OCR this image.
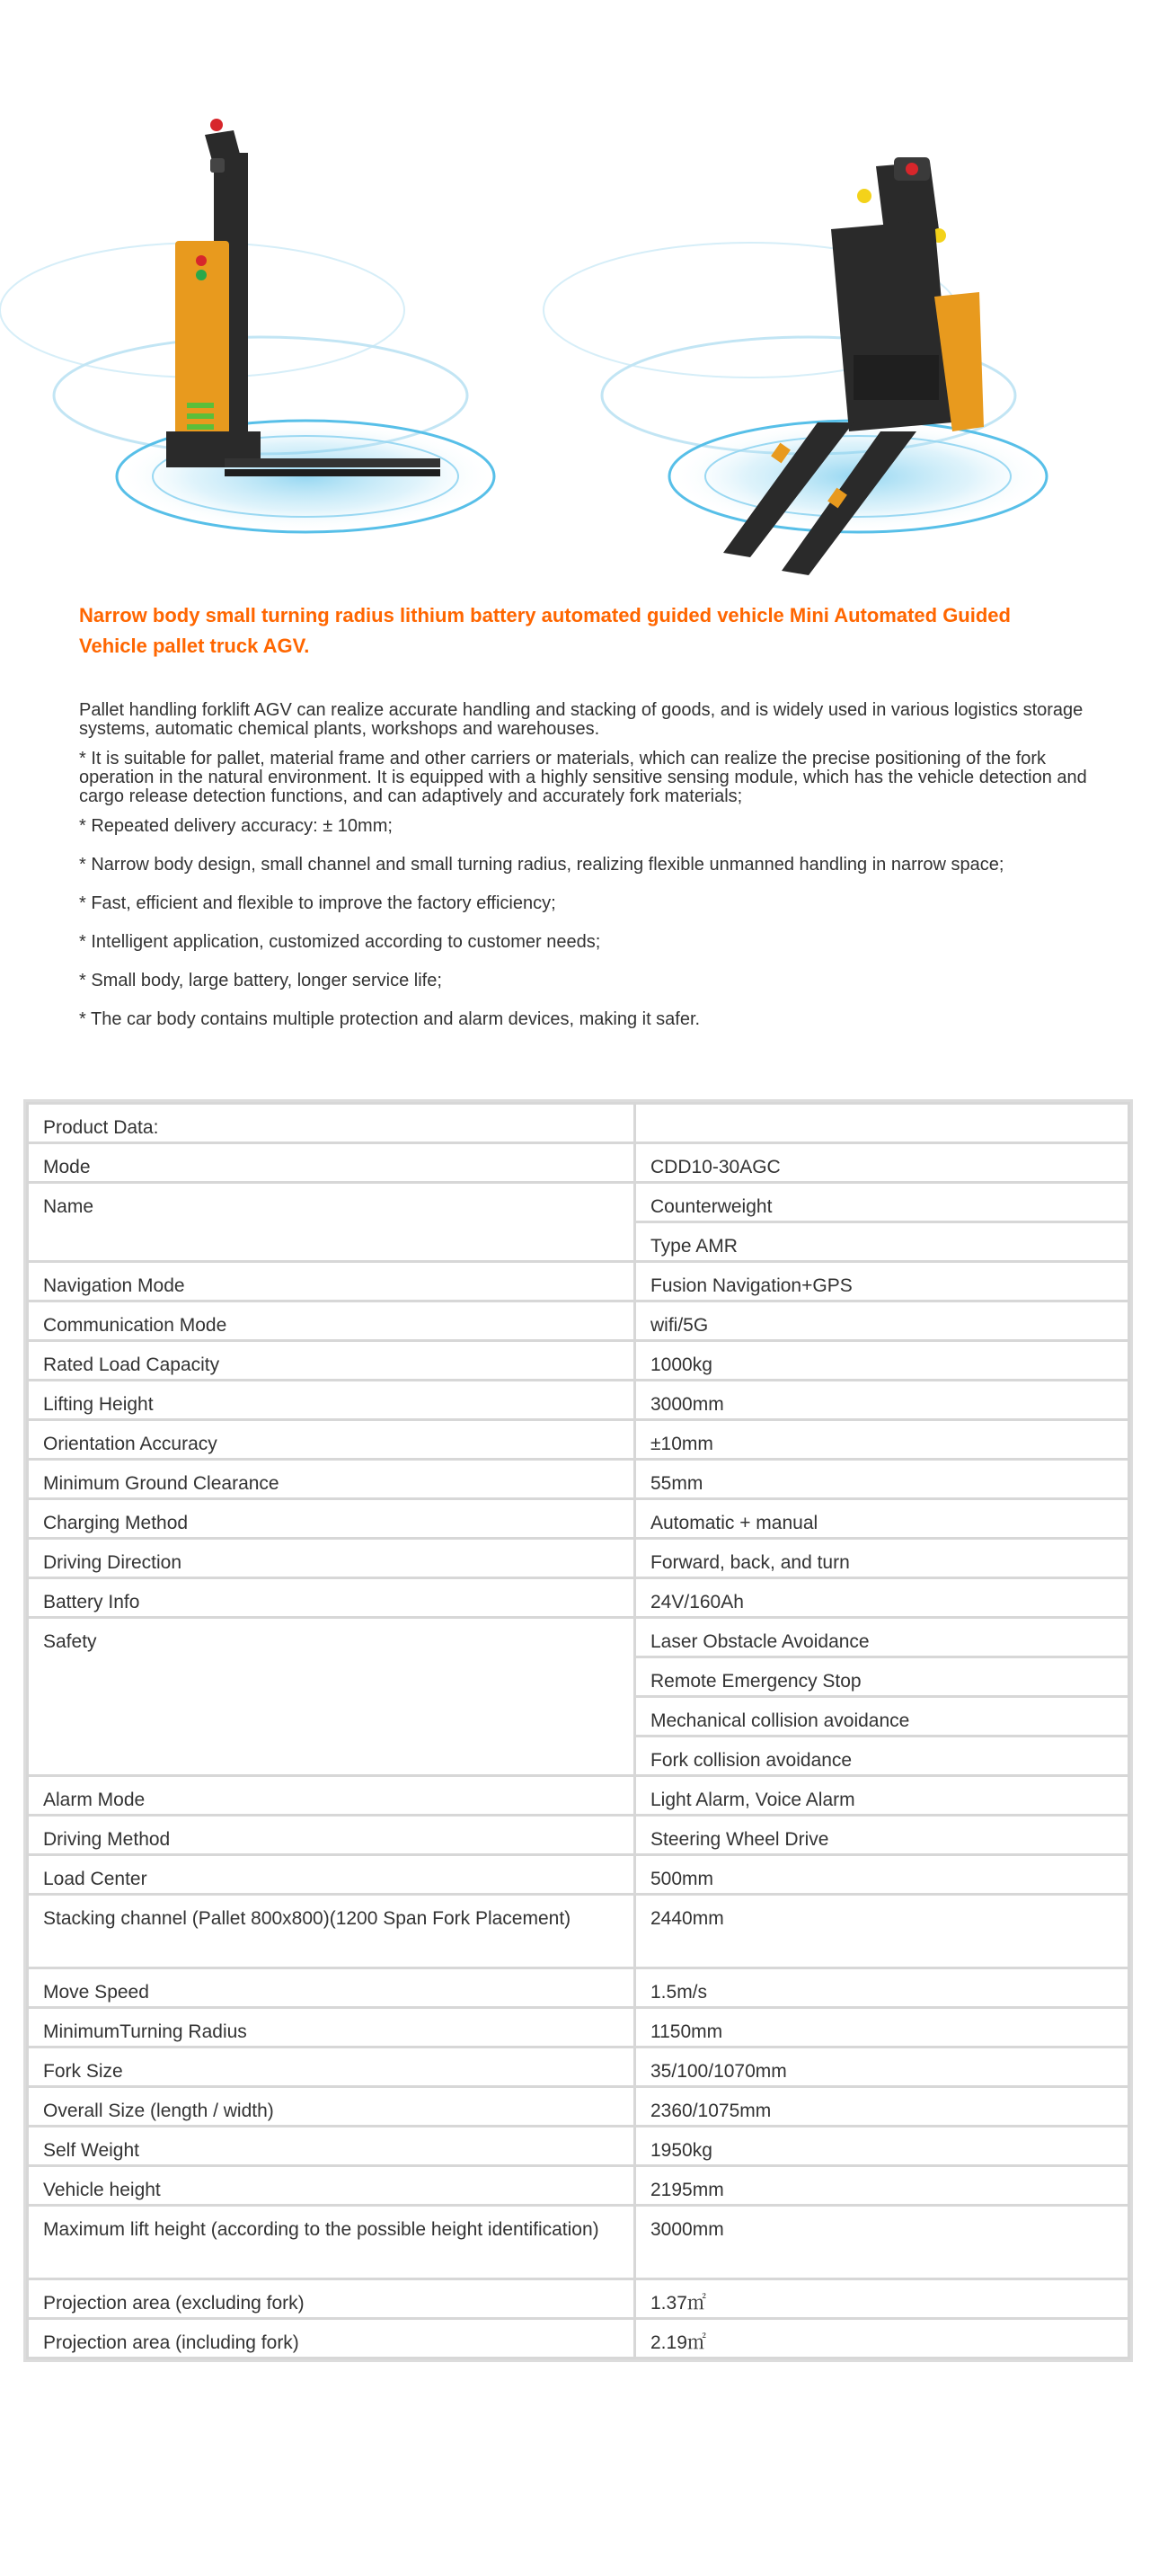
Narrow body small turning radius lithium battery automated guided vehicle Mini Automated Guided Vehicle pallet truck AGV.

Pallet handling forklift AGV can realize accurate handling and stacking of goods, and is widely used in various logistics storage systems, automatic chemical plants, workshops and warehouses.

* It is suitable for pallet, material frame and other carriers or materials, which can realize the precise positioning of the fork operation in the natural environment. It is equipped with a highly sensitive sensing module, which has the vehicle detection and cargo release detection functions, and can adaptively and accurately fork materials;

* Repeated delivery accuracy: ± 10mm;

* Narrow body design, small channel and small turning radius, realizing flexible unmanned handling in narrow space;

* Fast, efficient and flexible to improve the factory efficiency;

* Intelligent application, customized according to customer needs;

* Small body, large battery, longer service life;

* The car body contains multiple protection and alarm devices, making it safer.

Product Data:	
Mode	CDD10-30AGC
Name	Counterweight
	Type AMR
Navigation Mode	Fusion Navigation+GPS
Communication Mode	wifi/5G
Rated Load Capacity	1000kg
Lifting Height	3000mm
Orientation Accuracy	±10mm
Minimum Ground Clearance	55mm
Charging Method	Automatic + manual
Driving Direction	Forward, back, and turn
Battery Info	24V/160Ah
Safety	Laser Obstacle Avoidance
	Remote Emergency Stop
	Mechanical collision avoidance
	Fork collision avoidance
Alarm Mode	Light Alarm, Voice Alarm
Driving Method	Steering Wheel Drive
Load Center	500mm
Stacking channel (Pallet 800x800)(1200 Span Fork Placement)	2440mm
Move Speed	1.5m/s
MinimumTurning Radius	1150mm
Fork Size	35/100/1070mm
Overall Size (length / width)	2360/1075mm
Self Weight	1950kg
Vehicle height	2195mm
Maximum lift height (according to the possible height identification)	3000mm
Projection area (excluding fork)	1.37㎡
Projection area (including fork)	2.19㎡
